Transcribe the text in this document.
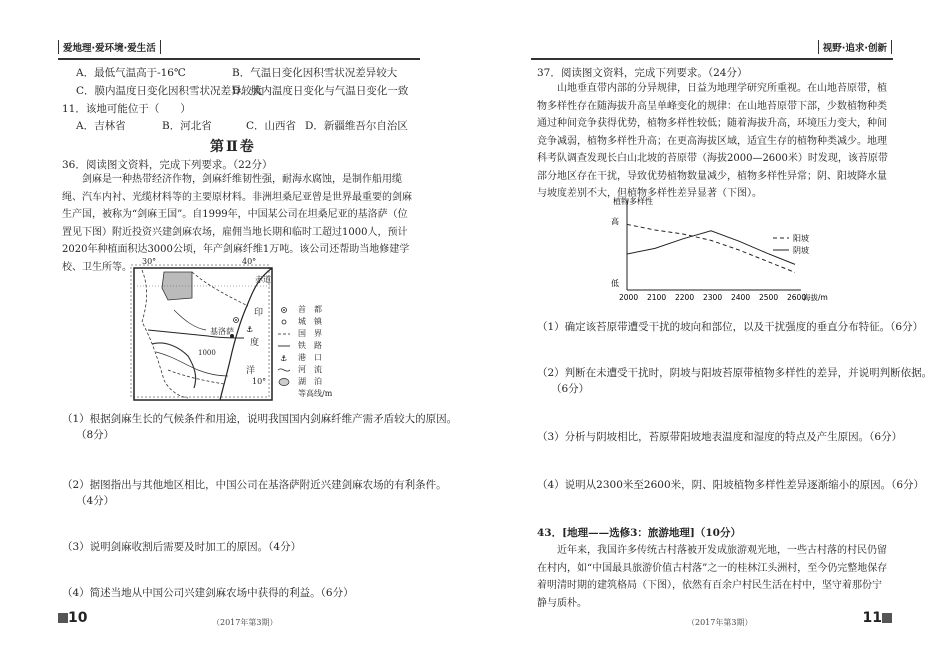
爱地理·爱环境·爱生活
A．最低气温高于-16℃	B．气温日变化因积雪状况差异较大
C．膜内温度日变化因积雪状况差异较大
D．膜内温度日变化与气温日变化一致
11．该地可能位于（　　）
A．吉林省	B．河北省	C．山西省 D．新疆维吾尔自治区
第Ⅱ卷
36．阅读图文资料，完成下列要求。（22分）
剑麻是一种热带经济作物，剑麻纤维韧性强，耐海水腐蚀，是制作船用缆绳、汽车内衬、光缆材料等的主要原材料。非洲坦桑尼亚曾是世界最重要的剑麻生产国，被称为“剑麻王国”。自1999年，中国某公司在坦桑尼亚的基洛萨（位置见下图）附近投资兴建剑麻农场，雇佣当地长期和临时工超过1000人，预计2020年种植面积达3000公顷，年产剑麻纤维1万吨。该公司还帮助当地修建学校、卫生所等。
⚓
⚓
30°	40°
赤道
10°
印
度
洋
基洛萨
1000
首　都
城　镇
国　界
铁　路
港　口
河　流
湖　泊
等高线/m
（1）根据剑麻生长的气候条件和用途，说明我国国内剑麻纤维产需矛盾较大的原因。
（8分）
（2）据图指出与其他地区相比，中国公司在基洛萨附近兴建剑麻农场的有利条件。
（4分）
（3）说明剑麻收割后需要及时加工的原因。（4分）
（4）简述当地从中国公司兴建剑麻农场中获得的利益。（6分）
10	（2017年第3期）
视野·追求·创新
37．阅读图文资料，完成下列要求。（24分）
山地垂直带内部的分异规律，日益为地理学研究所重视。在山地苔原带，植物多样性存在随海拔升高呈单峰变化的规律：在山地苔原带下部，少数植物种类通过种间竞争获得优势，植物多样性较低；随着海拔升高，环境压力变大，种间竞争减弱，植物多样性升高；在更高海拔区域，适宜生存的植物种类减少。地理科考队调查发现长白山北坡的苔原带（海拔2000—2600米）时发现，该苔原带部分地区存在干扰，导致优势植物数量减少，植物多样性异常；阴、阳坡降水量与坡度差别不大，但植物多样性差异显著（下图）。
植物多样性
高
低
2000 2100 2200 2300 2400 2500 2600
海拔/m
阳坡
阴坡
（1）确定该苔原带遭受干扰的坡向和部位，以及干扰强度的垂直分布特征。（6分）
（2）判断在未遭受干扰时，阴坡与阳坡苔原带植物多样性的差异，并说明判断依据。
（6分）
（3）分析与阴坡相比，苔原带阳坡地表温度和湿度的特点及产生原因。（6分）
（4）说明从2300米至2600米，阴、阳坡植物多样性差异逐渐缩小的原因。（6分）
43．[地理——选修3：旅游地理]（10分）
近年来，我国许多传统古村落被开发成旅游观光地，一些古村落的村民仍留在村内，如“中国最具旅游价值古村落”之一的桂林江头洲村，至今仍完整地保存着明清时期的建筑格局（下图），依然有百余户村民生活在村中，坚守着那份宁静与质朴。
11
（2017年第3期）
